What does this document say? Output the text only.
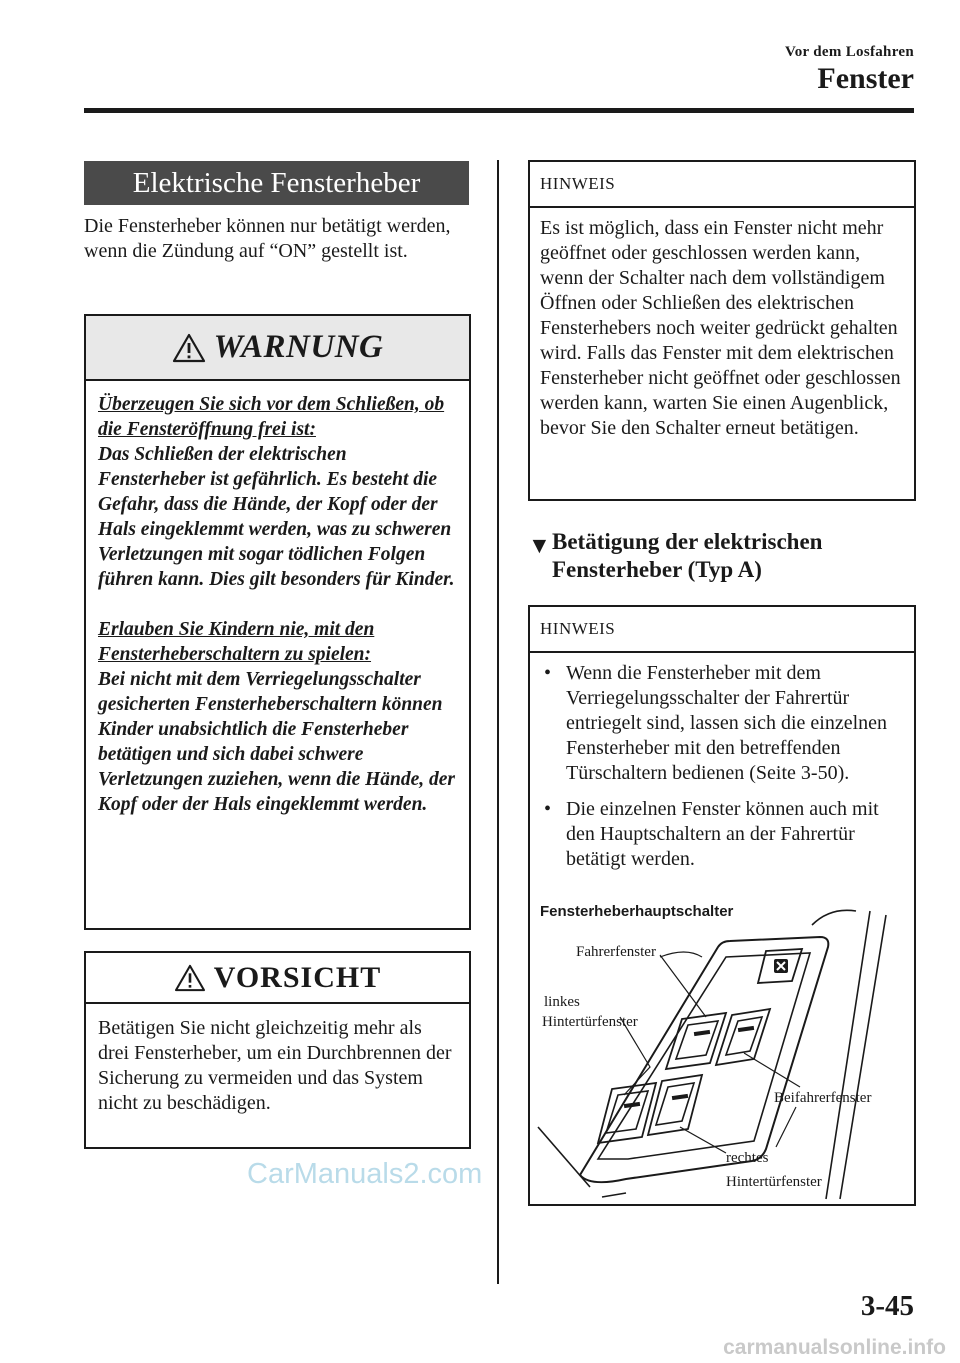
Vor dem Losfahren
Fenster
Elektrische Fensterheber
Die Fensterheber können nur betätigt werden, wenn die Zündung auf “ON” gestellt ist.
WARNUNG

Überzeugen Sie sich vor dem Schließen, ob die Fensteröffnung frei ist:

Das Schließen der elektrischen Fensterheber ist gefährlich. Es besteht die Gefahr, dass die Hände, der Kopf oder der Hals eingeklemmt werden, was zu schweren Verletzungen mit sogar tödlichen Folgen führen kann. Dies gilt besonders für Kinder.

Erlauben Sie Kindern nie, mit den Fensterheberschaltern zu spielen:

Bei nicht mit dem Verriegelungsschalter gesicherten Fensterheberschaltern können Kinder unabsichtlich die Fensterheber betätigen und sich dabei schwere Verletzungen zuziehen, wenn die Hände, der Kopf oder der Hals eingeklemmt werden.

VORSICHT
Betätigen Sie nicht gleichzeitig mehr als drei Fensterheber, um ein Durchbrennen der Sicherung zu vermeiden und das System nicht zu beschädigen.
HINWEIS
Es ist möglich, dass ein Fenster nicht mehr geöffnet oder geschlossen werden kann, wenn der Schalter nach dem vollständigem Öffnen oder Schließen des elektrischen Fensterhebers noch weiter gedrückt gehalten wird. Falls das Fenster mit dem elektrischen Fensterheber nicht geöffnet oder geschlossen werden kann, warten Sie einen Augenblick, bevor Sie den Schalter erneut betätigen.
▼ Betätigung der elektrischen Fensterheber (Typ A)
HINWEIS
• Wenn die Fensterheber mit dem Verriegelungsschalter der Fahrertür entriegelt sind, lassen sich die einzelnen Fensterheber mit den betreffenden Türschaltern bedienen (Seite 3-50).
• Die einzelnen Fenster können auch mit den Hauptschaltern an der Fahrertür betätigt werden.
Fensterheberhauptschalter
Fahrerfenster
linkes
Hintertürfenster
Beifahrerfenster
rechtes
Hintertürfenster
3-45
CarManuals2.com
carmanualsonline.info
